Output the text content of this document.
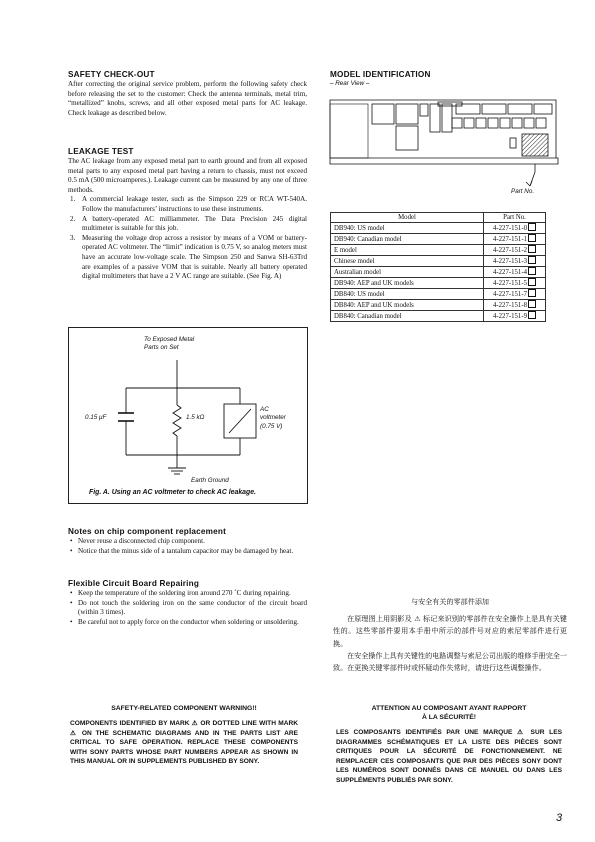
SAFETY CHECK-OUT

After correcting the original service problem, perform the following safety check before releasing the set to the customer: Check the antenna terminals, metal trim, “metallized” knobs, screws, and all other exposed metal parts for AC leakage. Check leakage as described below.

LEAKAGE TEST

The AC leakage from any exposed metal part to earth ground and from all exposed metal parts to any exposed metal part having a return to chassis, must not exceed 0.5 mA (500 microamperes.). Leakage current can be measured by any one of three methods.

1. A commercial leakage tester, such as the Simpson 229 or RCA WT-540A. Follow the manufacturers’ instructions to use these instruments.
2. A battery-operated AC milliammeter. The Data Precision 245 digital multimeter is suitable for this job.
3. Measuring the voltage drop across a resistor by means of a VOM or battery-operated AC voltmeter. The “limit” indication is 0.75 V, so analog meters must have an accurate low-voltage scale. The Simpson 250 and Sanwa SH-63Trd are examples of a passive VOM that is suitable. Nearly all battery operated digital multimeters that have a 2 V AC range are suitable. (See Fig. A)
To Exposed Metal
Parts on Set
0.15 μF	1.5 kΩ
AC
voltmeter
(0.75 V)
Earth Ground
Fig. A. Using an AC voltmeter to check AC leakage.
Notes on chip component replacement
• Never reuse a disconnected chip component.
• Notice that the minus side of a tantalum capacitor may be damaged by heat.
Flexible Circuit Board Repairing
• Keep the temperature of the soldering iron around 270 ˚C during repairing.
• Do not touch the soldering iron on the same conductor of the circuit board (within 3 times).
• Be careful not to apply force on the conductor when soldering or unsoldering.
MODEL IDENTIFICATION
– Rear View –
Part No.
Model	Part No.
DB940: US model	4-227-151-0
DB940: Canadian model	4-227-151-1
E model	4-227-151-2
Chinese model	4-227-151-3
Australian model	4-227-151-4
DB940: AEP and UK models	4-227-151-5
DB840: US model	4-227-151-7
DB840: AEP and UK models	4-227-151-8
DB840: Canadian model	4-227-151-9
与安全有关的零部件添加

在原理图上用阴影及 ⚠ 标记来识别的零部件在安全操作上是具有关键性的。这些零部件要用本手册中所示的部件号对应的索尼零部件进行更换。

在安全操作上具有关键性的电路调整与索尼公司出版的维修手册完全一致。在更换关键零部件时或怀疑动作失常时，请进行这些调整操作。

SAFETY-RELATED COMPONENT WARNING!!

COMPONENTS IDENTIFIED BY MARK ⚠ OR DOTTED LINE WITH MARK ⚠ ON THE SCHEMATIC DIAGRAMS AND IN THE PARTS LIST ARE CRITICAL TO SAFE OPERATION. REPLACE THESE COMPONENTS WITH SONY PARTS WHOSE PART NUMBERS APPEAR AS SHOWN IN THIS MANUAL OR IN SUPPLEMENTS PUBLISHED BY SONY.

ATTENTION AU COMPOSANT AYANT RAPPORT
À LA SÉCURITÉ!

LES COMPOSANTS IDENTIFIÉS PAR UNE MARQUE ⚠ SUR LES DIAGRAMMES SCHÉMATIQUES ET LA LISTE DES PIÈCES SONT CRITIQUES POUR LA SÉCURITÉ DE FONCTIONNEMENT. NE REMPLACER CES COMPOSANTS QUE PAR DES PIÈCES SONY DONT LES NUMÉROS SONT DONNÉS DANS CE MANUEL OU DANS LES SUPPLÉMENTS PUBLIÉS PAR SONY.

3
